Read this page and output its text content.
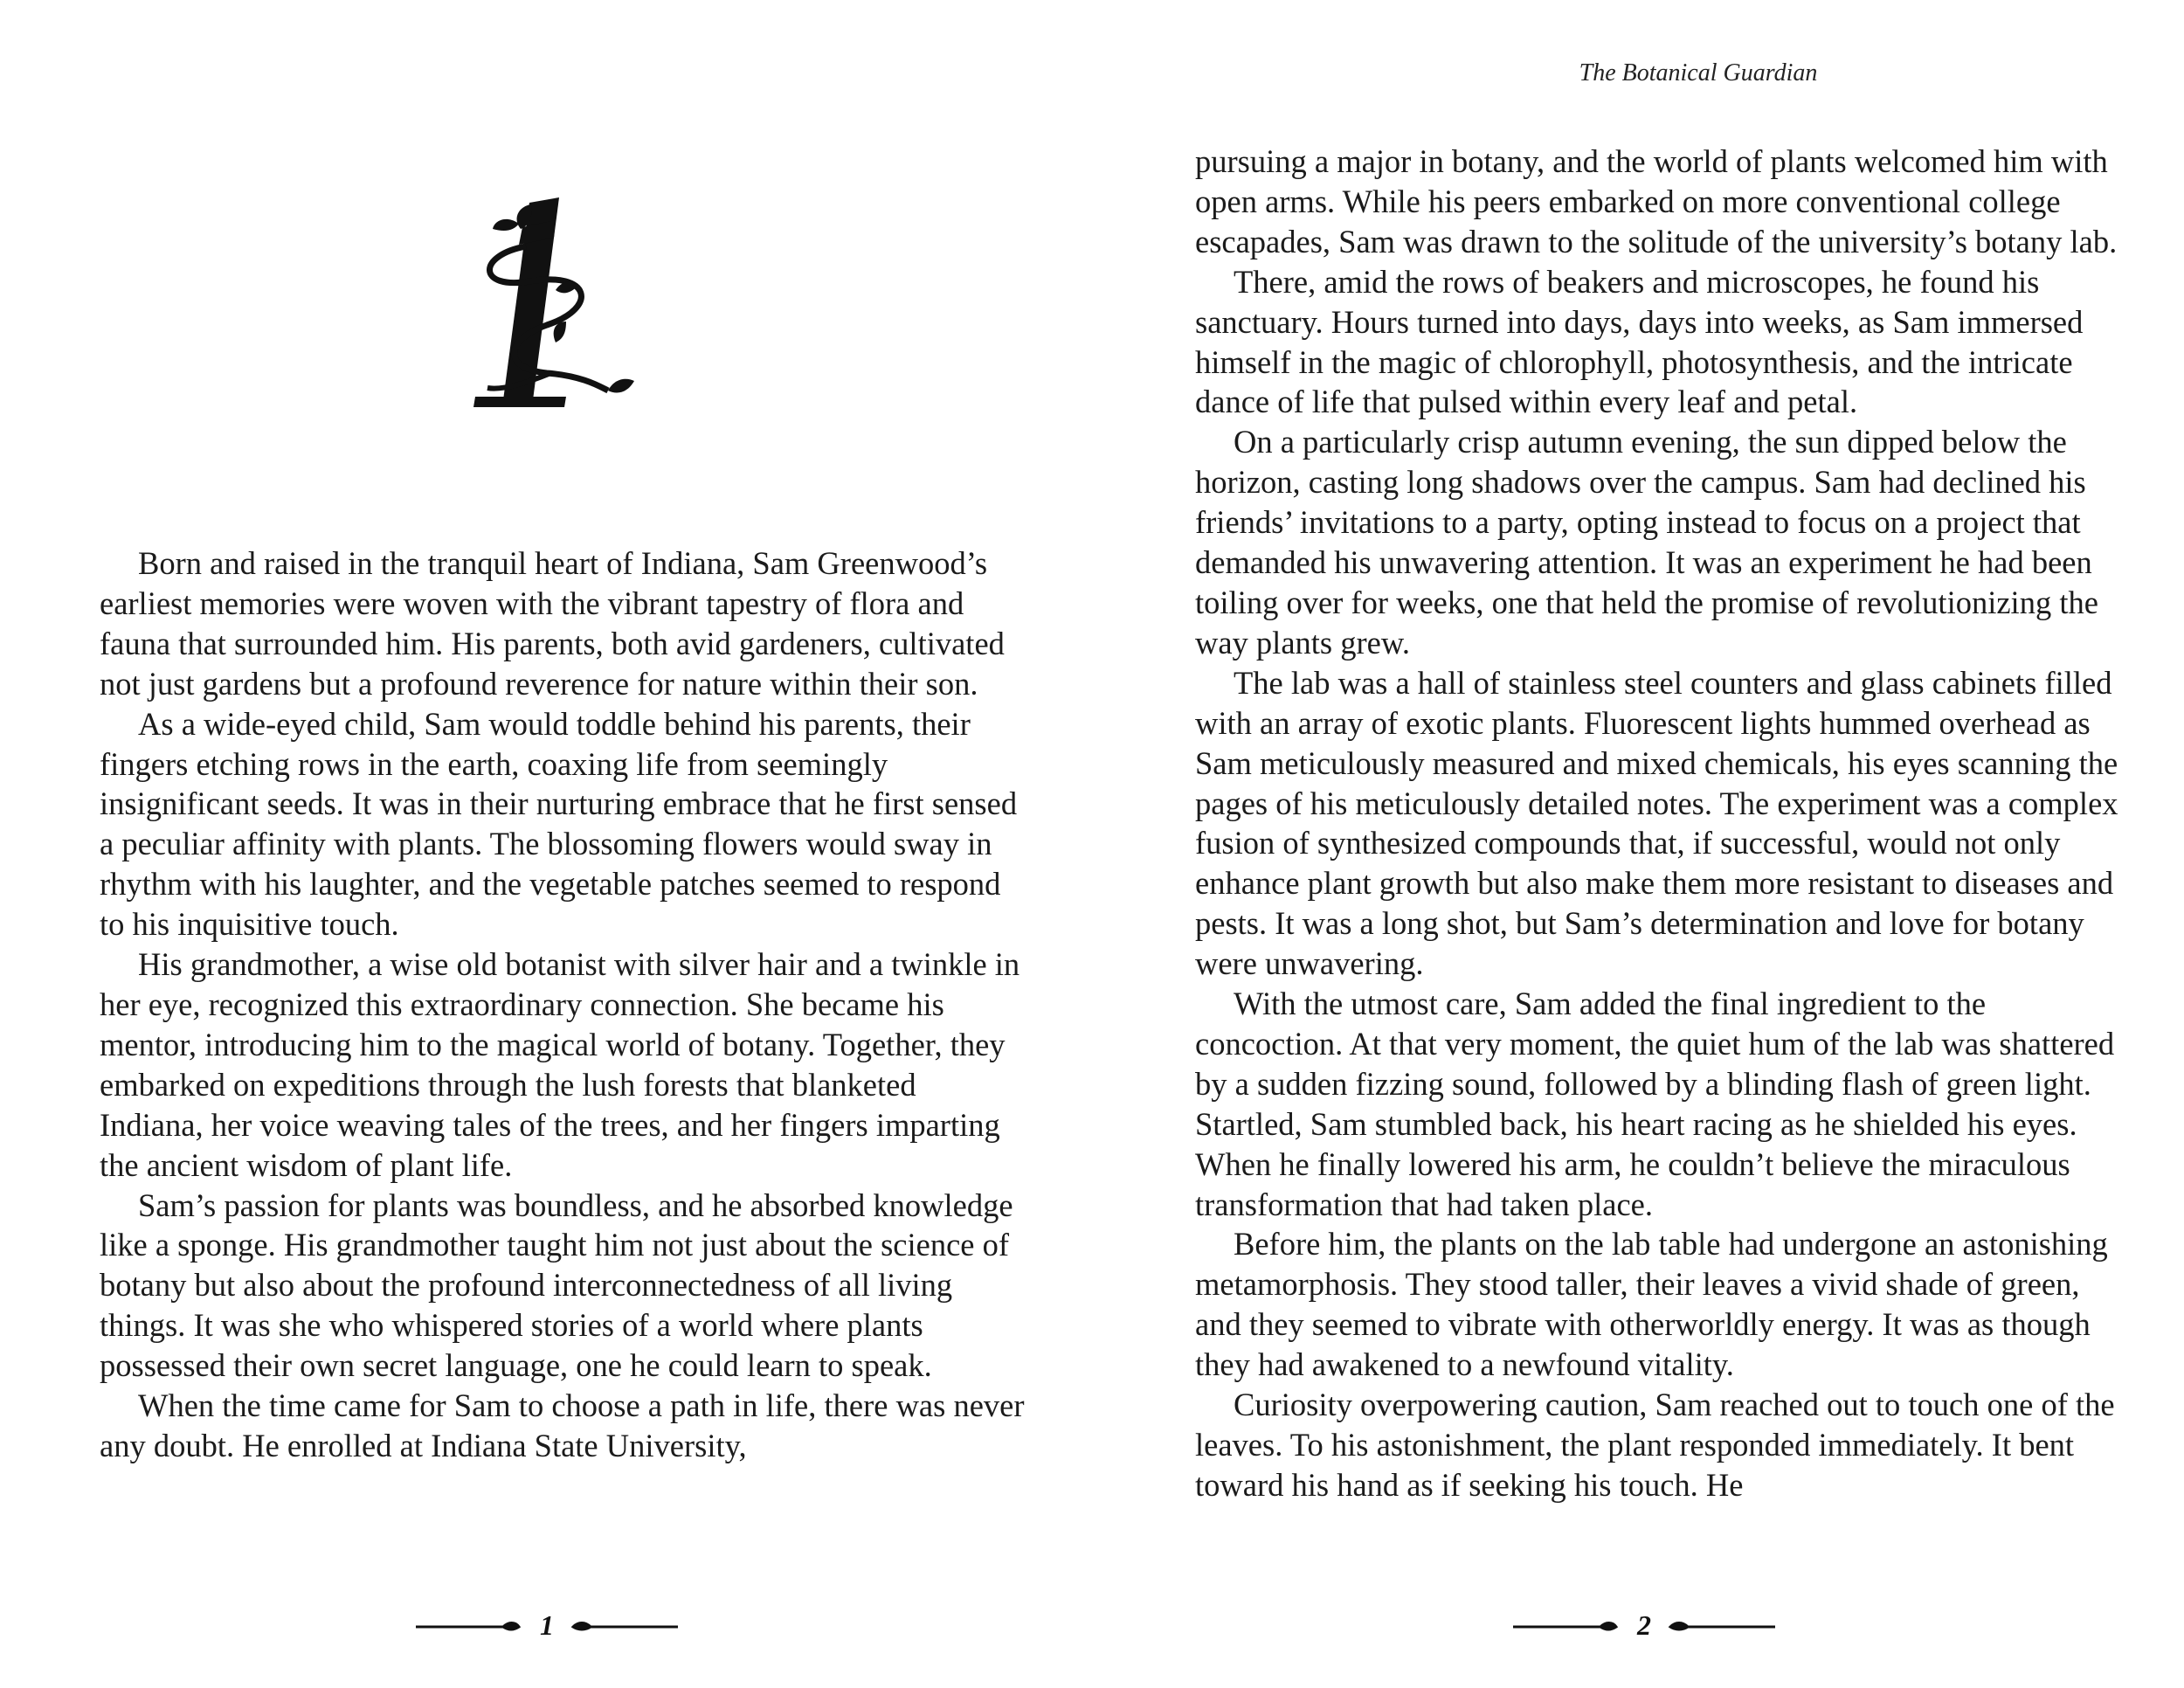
The Botanical Guardian

Born and raised in the tranquil heart of Indiana, Sam Greenwood’s earliest memories were woven with the vibrant tapestry of flora and fauna that surrounded him. His parents, both avid gardeners, cultivated not just gardens but a profound reverence for nature within their son.

As a wide-eyed child, Sam would toddle behind his parents, their fingers etching rows in the earth, coaxing life from seemingly insignificant seeds. It was in their nurturing embrace that he first sensed a peculiar affinity with plants. The blossoming flowers would sway in rhythm with his laughter, and the vegetable patches seemed to respond to his inquisitive touch.

His grandmother, a wise old botanist with silver hair and a twinkle in her eye, recognized this extraordinary connection. She became his mentor, introducing him to the magical world of botany. Together, they embarked on expeditions through the lush forests that blanketed Indiana, her voice weaving tales of the trees, and her fingers imparting the ancient wisdom of plant life.

Sam’s passion for plants was boundless, and he absorbed knowledge like a sponge. His grandmother taught him not just about the science of botany but also about the profound interconnectedness of all living things. It was she who whispered stories of a world where plants possessed their own secret language, one he could learn to speak.

When the time came for Sam to choose a path in life, there was never any doubt. He enrolled at Indiana State University,

pursuing a major in botany, and the world of plants welcomed him with open arms. While his peers embarked on more conventional college escapades, Sam was drawn to the solitude of the university’s botany lab.

There, amid the rows of beakers and microscopes, he found his sanctuary. Hours turned into days, days into weeks, as Sam immersed himself in the magic of chlorophyll, photosynthesis, and the intricate dance of life that pulsed within every leaf and petal.

On a particularly crisp autumn evening, the sun dipped below the horizon, casting long shadows over the campus. Sam had declined his friends’ invitations to a party, opting instead to focus on a project that demanded his unwavering attention. It was an experiment he had been toiling over for weeks, one that held the promise of revolutionizing the way plants grew.

The lab was a hall of stainless steel counters and glass cabinets filled with an array of exotic plants. Fluorescent lights hummed overhead as Sam meticulously measured and mixed chemicals, his eyes scanning the pages of his meticulously detailed notes. The experiment was a complex fusion of synthesized compounds that, if successful, would not only enhance plant growth but also make them more resistant to diseases and pests. It was a long shot, but Sam’s determination and love for botany were unwavering.

With the utmost care, Sam added the final ingredient to the concoction. At that very moment, the quiet hum of the lab was shattered by a sudden fizzing sound, followed by a blinding flash of green light. Startled, Sam stumbled back, his heart racing as he shielded his eyes. When he finally lowered his arm, he couldn’t believe the miraculous transformation that had taken place.

Before him, the plants on the lab table had undergone an astonishing metamorphosis. They stood taller, their leaves a vivid shade of green, and they seemed to vibrate with otherworldly energy. It was as though they had awakened to a newfound vitality.

Curiosity overpowering caution, Sam reached out to touch one of the leaves. To his astonishment, the plant responded immediately. It bent toward his hand as if seeking his touch. He

1	2
